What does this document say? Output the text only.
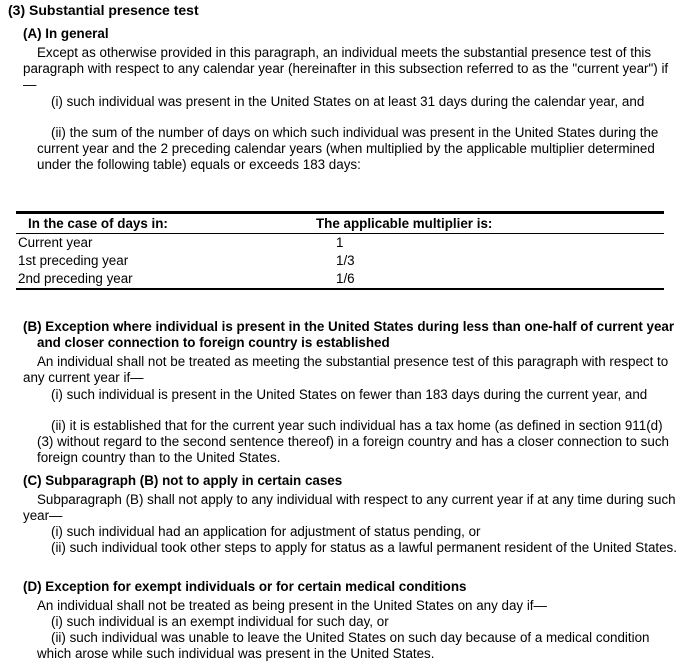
(3) Substantial presence test
(A) In general
Except as otherwise provided in this paragraph, an individual meets the substantial presence test of this paragraph with respect to any calendar year (hereinafter in this subsection referred to as the "current year") if—
(i) such individual was present in the United States on at least 31 days during the calendar year, and
(ii) the sum of the number of days on which such individual was present in the United States during the current year and the 2 preceding calendar years (when multiplied by the applicable multiplier determined under the following table) equals or exceeds 183 days:
In the case of days in:	The applicable multiplier is:
Current year	1
1st preceding year	1/3
2nd preceding year	1/6
(B) Exception where individual is present in the United States during less than one-half of current year and closer connection to foreign country is established
An individual shall not be treated as meeting the substantial presence test of this paragraph with respect to any current year if—
(i) such individual is present in the United States on fewer than 183 days during the current year, and
(ii) it is established that for the current year such individual has a tax home (as defined in section 911(d)(3) without regard to the second sentence thereof) in a foreign country and has a closer connection to such foreign country than to the United States.
(C) Subparagraph (B) not to apply in certain cases
Subparagraph (B) shall not apply to any individual with respect to any current year if at any time during such year—
(i) such individual had an application for adjustment of status pending, or
(ii) such individual took other steps to apply for status as a lawful permanent resident of the United States.
(D) Exception for exempt individuals or for certain medical conditions
An individual shall not be treated as being present in the United States on any day if—
(i) such individual is an exempt individual for such day, or
(ii) such individual was unable to leave the United States on such day because of a medical condition which arose while such individual was present in the United States.
